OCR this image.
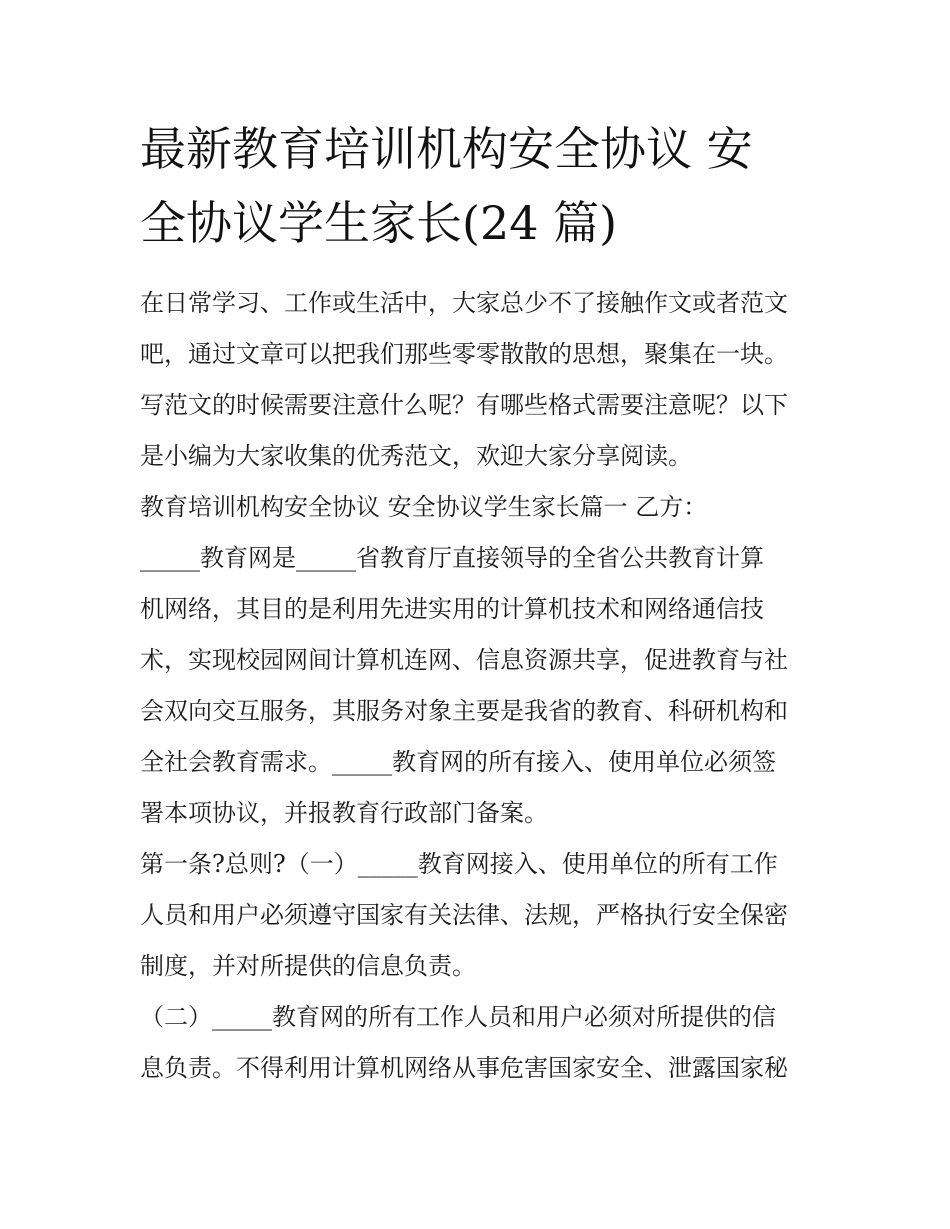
最新教育培训机构安全协议 安
全协议学生家长(24 篇)
在日常学习、工作或生活中，大家总少不了接触作文或者范文
吧，通过文章可以把我们那些零零散散的思想，聚集在一块。
写范文的时候需要注意什么呢？有哪些格式需要注意呢？以下
是小编为大家收集的优秀范文，欢迎大家分享阅读。
教育培训机构安全协议 安全协议学生家长篇一 乙方：
_____教育网是_____省教育厅直接领导的全省公共教育计算
机网络，其目的是利用先进实用的计算机技术和网络通信技
术，实现校园网间计算机连网、信息资源共享，促进教育与社
会双向交互服务，其服务对象主要是我省的教育、科研机构和
全社会教育需求。_____教育网的所有接入、使用单位必须签
署本项协议，并报教育行政部门备案。
第一条?总则?（一）_____教育网接入、使用单位的所有工作
人员和用户必须遵守国家有关法律、法规，严格执行安全保密
制度，并对所提供的信息负责。
（二）_____教育网的所有工作人员和用户必须对所提供的信
息负责。不得利用计算机网络从事危害国家安全、泄露国家秘
